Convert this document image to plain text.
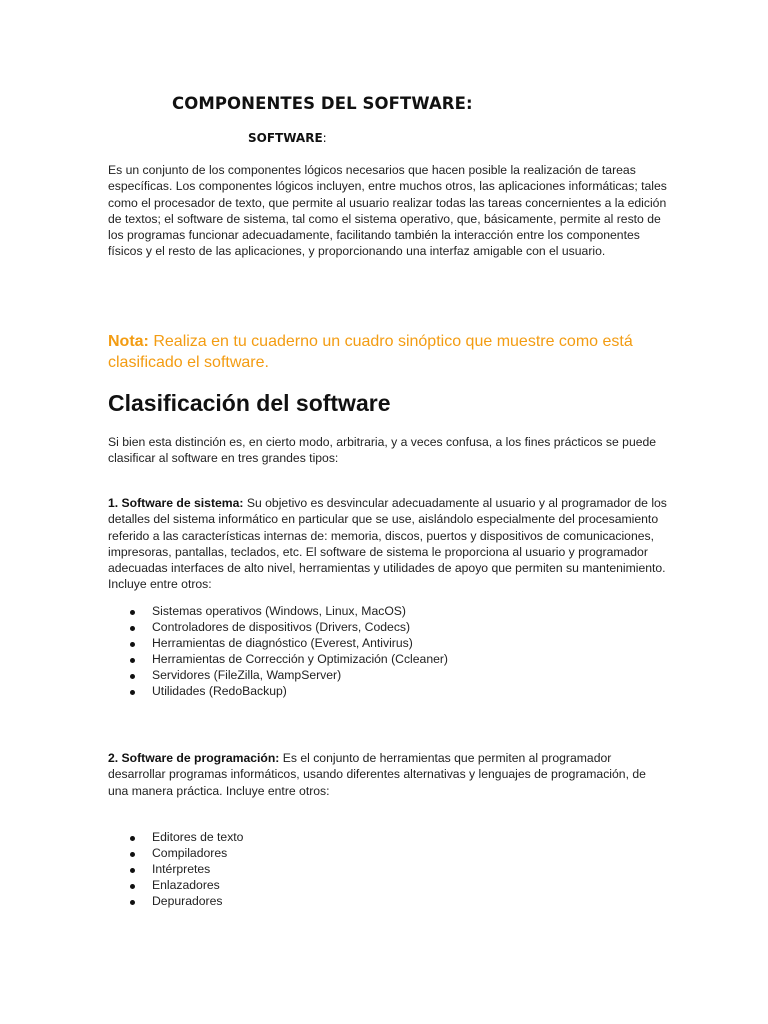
COMPONENTES DEL SOFTWARE:

SOFTWARE:

Es un conjunto de los componentes lógicos necesarios que hacen posible la realización de tareas específicas. Los componentes lógicos incluyen, entre muchos otros, las aplicaciones informáticas; tales como el procesador de texto, que permite al usuario realizar todas las tareas concernientes a la edición de textos; el software de sistema, tal como el sistema operativo, que, básicamente, permite al resto de los programas funcionar adecuadamente, facilitando también la interacción entre los componentes físicos y el resto de las aplicaciones, y proporcionando una interfaz amigable con el usuario.

Nota: Realiza en tu cuaderno un cuadro sinóptico que muestre como está clasificado el software.

Clasificación del software

Si bien esta distinción es, en cierto modo, arbitraria, y a veces confusa, a los fines prácticos se puede clasificar al software en tres grandes tipos:

1. Software de sistema: Su objetivo es desvincular adecuadamente al usuario y al programador de los detalles del sistema informático en particular que se use, aislándolo especialmente del procesamiento referido a las características internas de: memoria, discos, puertos y dispositivos de comunicaciones, impresoras, pantallas, teclados, etc. El software de sistema le proporciona al usuario y programador adecuadas interfaces de alto nivel, herramientas y utilidades de apoyo que permiten su mantenimiento. Incluye entre otros:

Sistemas operativos (Windows, Linux, MacOS)
Controladores de dispositivos (Drivers, Codecs)
Herramientas de diagnóstico (Everest, Antivirus)
Herramientas de Corrección y Optimización (Ccleaner)
Servidores (FileZilla, WampServer)
Utilidades (RedoBackup)

2. Software de programación: Es el conjunto de herramientas que permiten al programador desarrollar programas informáticos, usando diferentes alternativas y lenguajes de programación, de una manera práctica. Incluye entre otros:

Editores de texto
Compiladores
Intérpretes
Enlazadores
Depuradores
